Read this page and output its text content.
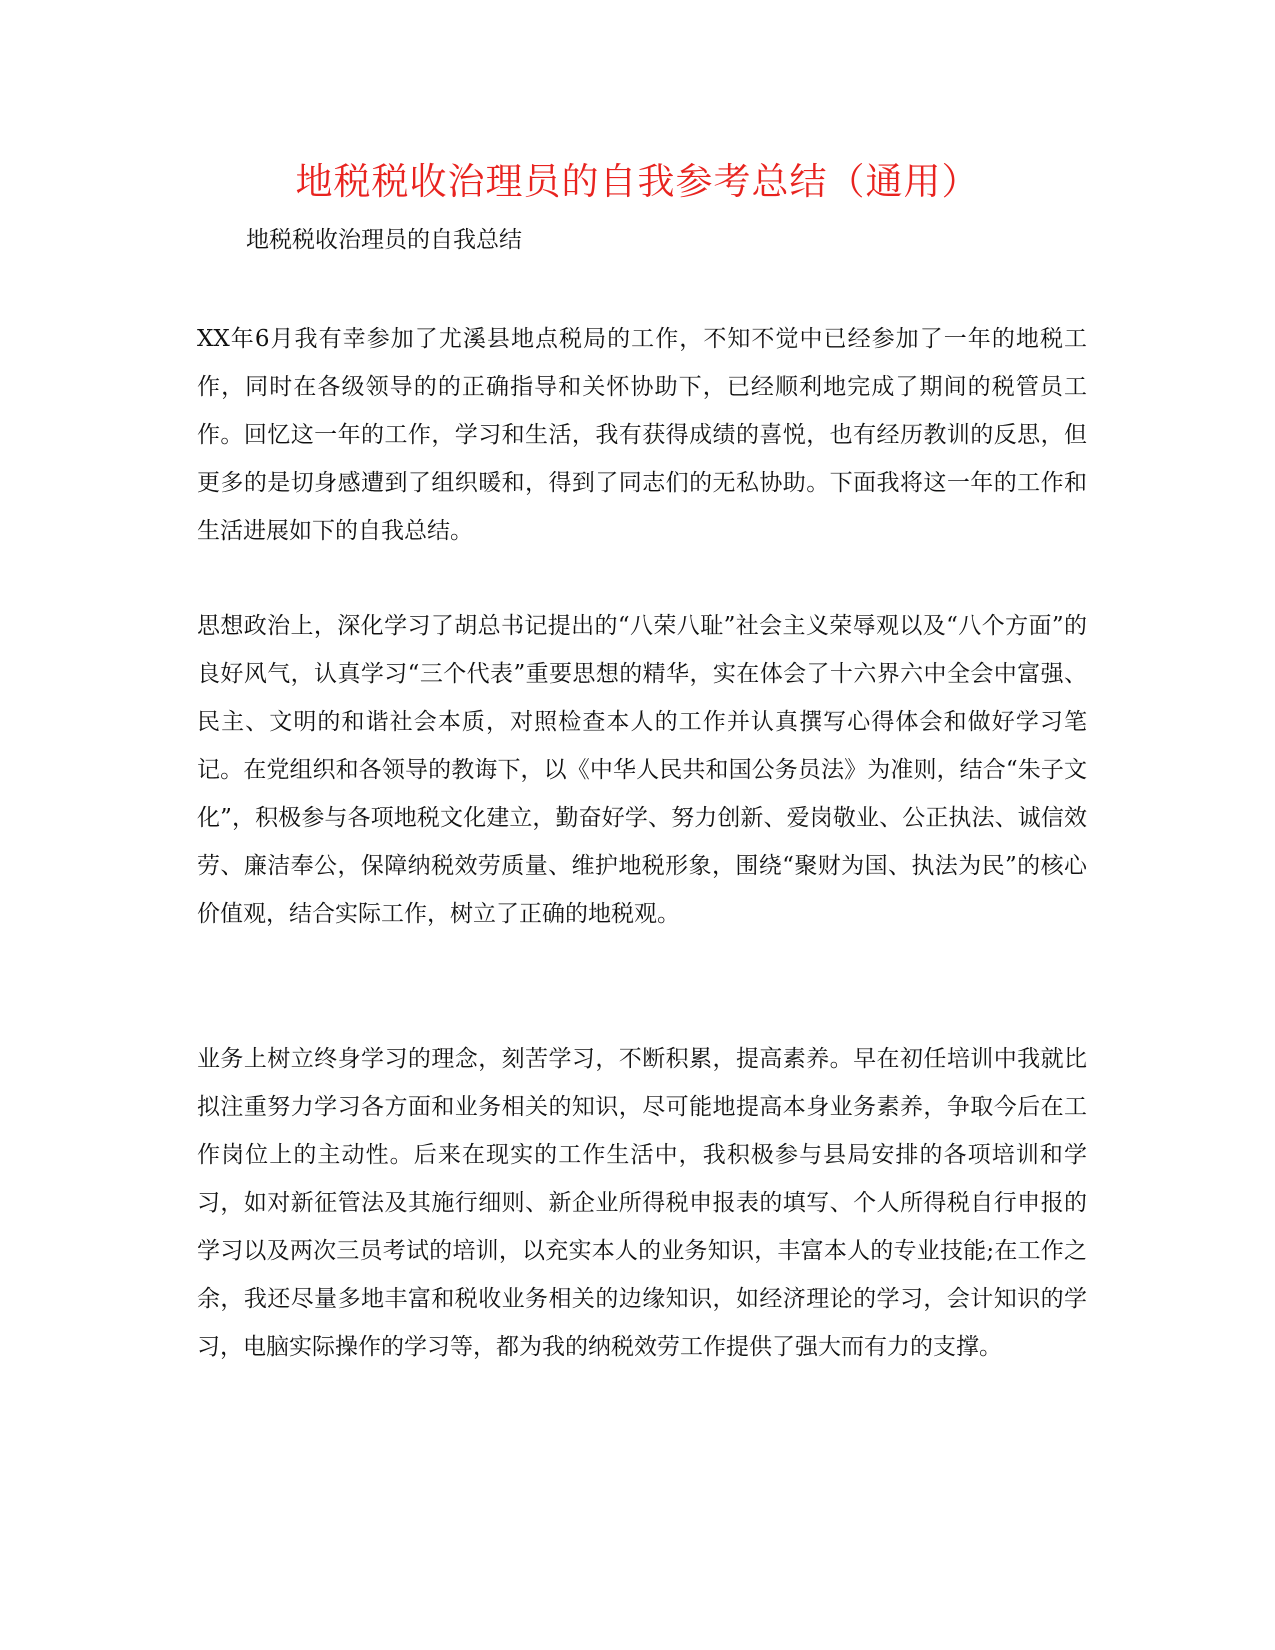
地税税收治理员的自我参考总结（通用）

地税税收治理员的自我总结

XX年6月我有幸参加了尤溪县地点税局的工作，不知不觉中已经参加了一年的地税工作，同时在各级领导的的正确指导和关怀协助下，已经顺利地完成了期间的税管员工作。回忆这一年的工作，学习和生活，我有获得成绩的喜悦，也有经历教训的反思，但更多的是切身感遭到了组织暖和，得到了同志们的无私协助。下面我将这一年的工作和生活进展如下的自我总结。

思想政治上，深化学习了胡总书记提出的“八荣八耻”社会主义荣辱观以及“八个方面”的良好风气，认真学习“三个代表”重要思想的精华，实在体会了十六界六中全会中富强、民主、文明的和谐社会本质，对照检查本人的工作并认真撰写心得体会和做好学习笔记。在党组织和各领导的教诲下，以《中华人民共和国公务员法》为准则，结合“朱子文化”，积极参与各项地税文化建立，勤奋好学、努力创新、爱岗敬业、公正执法、诚信效劳、廉洁奉公，保障纳税效劳质量、维护地税形象，围绕“聚财为国、执法为民”的核心价值观，结合实际工作，树立了正确的地税观。

业务上树立终身学习的理念，刻苦学习，不断积累，提高素养。早在初任培训中我就比拟注重努力学习各方面和业务相关的知识，尽可能地提高本身业务素养，争取今后在工作岗位上的主动性。后来在现实的工作生活中，我积极参与县局安排的各项培训和学习，如对新征管法及其施行细则、新企业所得税申报表的填写、个人所得税自行申报的学习以及两次三员考试的培训，以充实本人的业务知识，丰富本人的专业技能;在工作之余，我还尽量多地丰富和税收业务相关的边缘知识，如经济理论的学习，会计知识的学习，电脑实际操作的学习等，都为我的纳税效劳工作提供了强大而有力的支撑。
